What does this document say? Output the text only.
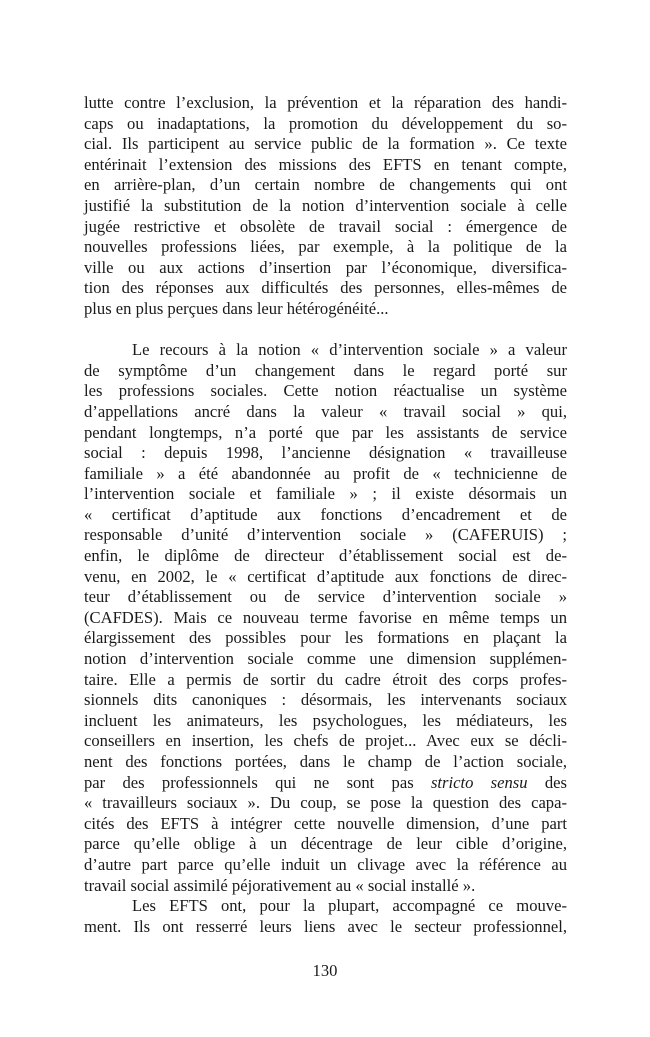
lutte contre l’exclusion, la prévention et la réparation des handi-
caps ou inadaptations, la promotion du développement du so-
cial. Ils participent au service public de la formation ». Ce texte
entérinait l’extension des missions des EFTS en tenant compte,
en arrière-plan, d’un certain nombre de changements qui ont
justifié la substitution de la notion d’intervention sociale à celle
jugée restrictive et obsolète de travail social : émergence de
nouvelles professions liées, par exemple, à la politique de la
ville ou aux actions d’insertion par l’économique, diversifica-
tion des réponses aux difficultés des personnes, elles-mêmes de
plus en plus perçues dans leur hétérogénéité...
Le recours à la notion « d’intervention sociale » a valeur
de symptôme d’un changement dans le regard porté sur
les professions sociales. Cette notion réactualise un système
d’appellations ancré dans la valeur « travail social » qui,
pendant longtemps, n’a porté que par les assistants de service
social : depuis 1998, l’ancienne désignation « travailleuse
familiale » a été abandonnée au profit de « technicienne de
l’intervention sociale et familiale » ; il existe désormais un
« certificat d’aptitude aux fonctions d’encadrement et de
responsable d’unité d’intervention sociale » (CAFERUIS) ;
enfin, le diplôme de directeur d’établissement social est de-
venu, en 2002, le « certificat d’aptitude aux fonctions de direc-
teur d’établissement ou de service d’intervention sociale »
(CAFDES). Mais ce nouveau terme favorise en même temps un
élargissement des possibles pour les formations en plaçant la
notion d’intervention sociale comme une dimension supplémen-
taire. Elle a permis de sortir du cadre étroit des corps profes-
sionnels dits canoniques : désormais, les intervenants sociaux
incluent les animateurs, les psychologues, les médiateurs, les
conseillers en insertion, les chefs de projet... Avec eux se décli-
nent des fonctions portées, dans le champ de l’action sociale,
par des professionnels qui ne sont pas stricto sensu des
« travailleurs sociaux ». Du coup, se pose la question des capa-
cités des EFTS à intégrer cette nouvelle dimension, d’une part
parce qu’elle oblige à un décentrage de leur cible d’origine,
d’autre part parce qu’elle induit un clivage avec la référence au
travail social assimilé péjorativement au « social installé ».
Les EFTS ont, pour la plupart, accompagné ce mouve-
ment. Ils ont resserré leurs liens avec le secteur professionnel,
130
